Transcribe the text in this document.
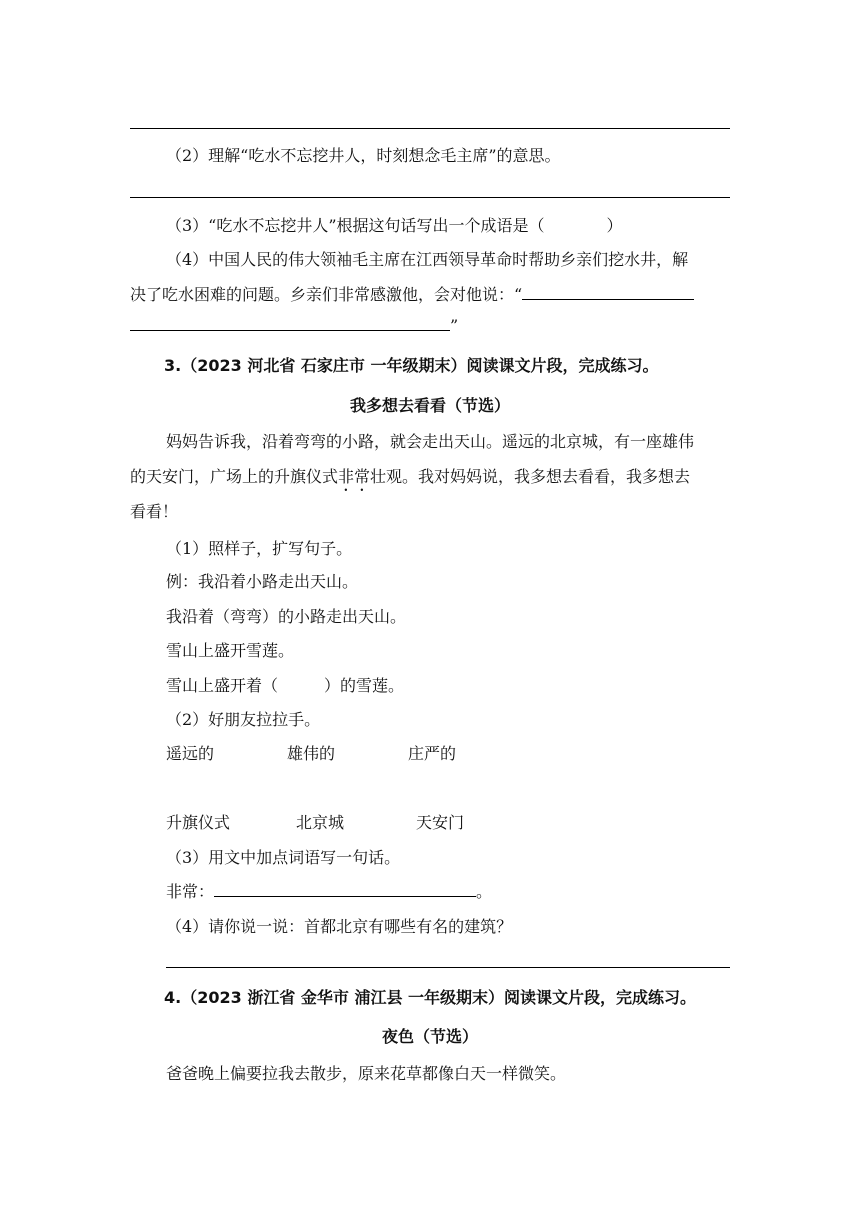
（2）理解“吃水不忘挖井人，时刻想念毛主席”的意思。
（3）“吃水不忘挖井人”根据这句话写出一个成语是（	）
（4）中国人民的伟大领袖毛主席在江西领导革命时帮助乡亲们挖水井，解
决了吃水困难的问题。乡亲们非常感激他，会对他说：“
”
3.（2023 河北省 石家庄市 一年级期末）阅读课文片段，完成练习。
我多想去看看（节选）
妈妈告诉我，沿着弯弯的小路，就会走出天山。遥远的北京城，有一座雄伟
的天安门，广场上的升旗仪式非常壮观。我对妈妈说，我多想去看看，我多想去
看看！
（1）照样子，扩写句子。
例：我沿着小路走出天山。
我沿着（弯弯）的小路走出天山。
雪山上盛开雪莲。
雪山上盛开着（	）的雪莲。
（2）好朋友拉拉手。
遥远的	雄伟的	庄严的
升旗仪式	北京城	天安门
（3）用文中加点词语写一句话。
非常：	。
（4）请你说一说：首都北京有哪些有名的建筑？
4.（2023 浙江省 金华市 浦江县 一年级期末）阅读课文片段，完成练习。
夜色（节选）
爸爸晚上偏要拉我去散步，原来花草都像白天一样微笑。
